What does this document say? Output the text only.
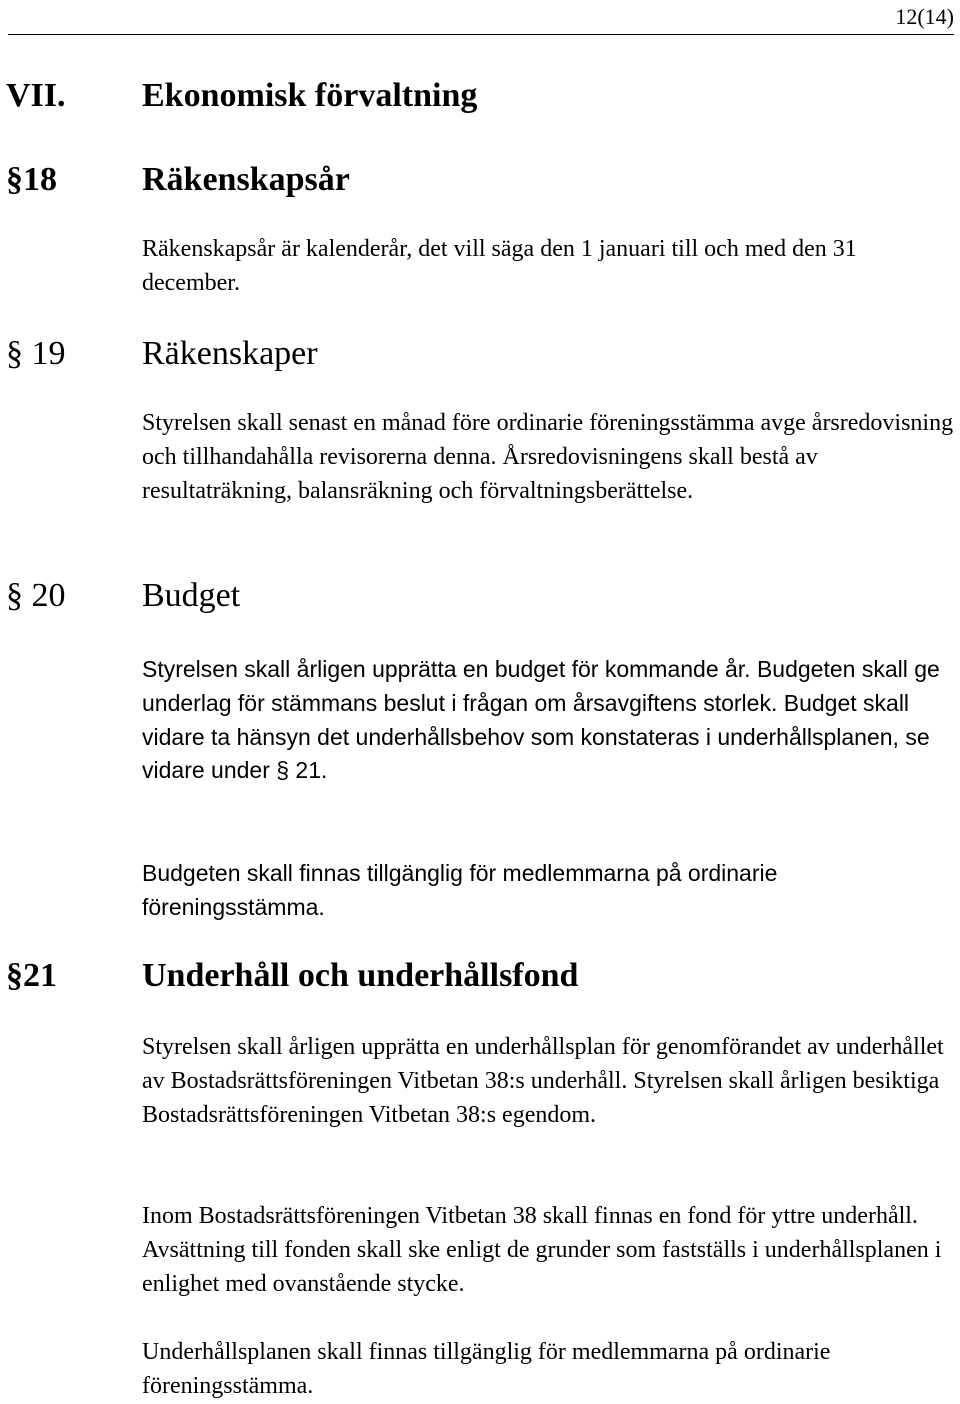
12(14)
VII. Ekonomisk förvaltning
§18	Räkenskapsår

Räkenskapsår är kalenderår, det vill säga den 1 januari till och med den 31 december.

§ 19 Räkenskaper

Styrelsen skall senast en månad före ordinarie föreningsstämma avge årsredovisning och tillhandahålla revisorerna denna. Årsredovisningens skall bestå av resultaträkning, balansräkning och förvaltningsberättelse.

§ 20 Budget

Styrelsen skall årligen upprätta en budget för kommande år. Budgeten skall ge underlag för stämmans beslut i frågan om årsavgiftens storlek. Budget skall vidare ta hänsyn det underhållsbehov som konstateras i underhållsplanen, se vidare under § 21.

Budgeten skall finnas tillgänglig för medlemmarna på ordinarie föreningsstämma.

§21	Underhåll och underhållsfond

Styrelsen skall årligen upprätta en underhållsplan för genomförandet av underhållet av Bostadsrättsföreningen Vitbetan 38:s underhåll. Styrelsen skall årligen besiktiga Bostadsrättsföreningen Vitbetan 38:s egendom.

Inom Bostadsrättsföreningen Vitbetan 38 skall finnas en fond för yttre underhåll. Avsättning till fonden skall ske enligt de grunder som fastställs i underhållsplanen i enlighet med ovanstående stycke.

Underhållsplanen skall finnas tillgänglig för medlemmarna på ordinarie föreningsstämma.
